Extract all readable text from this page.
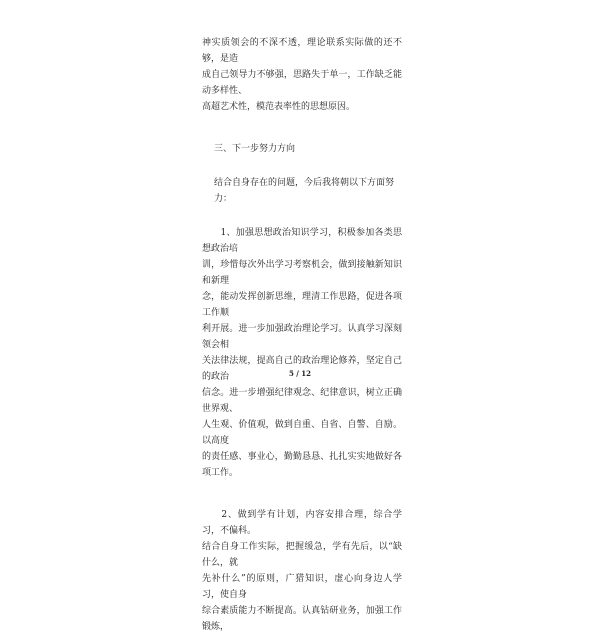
神实质领会的不深不透，理论联系实际做的还不够，是造
成自己领导力不够强，思路失于单一，工作缺乏能动多样性、
高超艺术性，模范表率性的思想原因。

三、下一步努力方向

结合自身存在的问题，今后我将朝以下方面努力：

　　1、加强思想政治知识学习，积极参加各类思想政治培
训，珍惜每次外出学习考察机会，做到接触新知识和新理
念，能动发挥创新思维，理清工作思路，促进各项工作顺
利开展。进一步加强政治理论学习。认真学习深刻领会相
关法律法规，提高自己的政治理论修养，坚定自己的政治
信念。进一步增强纪律观念、纪律意识，树立正确世界观、
人生观、价值观，做到自重、自省、自警、自励。以高度
的责任感、事业心，勤勤恳恳、扎扎实实地做好各项工作。

　　2、做到学有计划，内容安排合理，综合学习，不偏科。
结合自身工作实际，把握缓急，学有先后，以“缺什么，就
先补什么”的原则，广猎知识，虚心向身边人学习，使自身
综合素质能力不断提高。认真钻研业务，加强工作锻炼，

5 / 12
